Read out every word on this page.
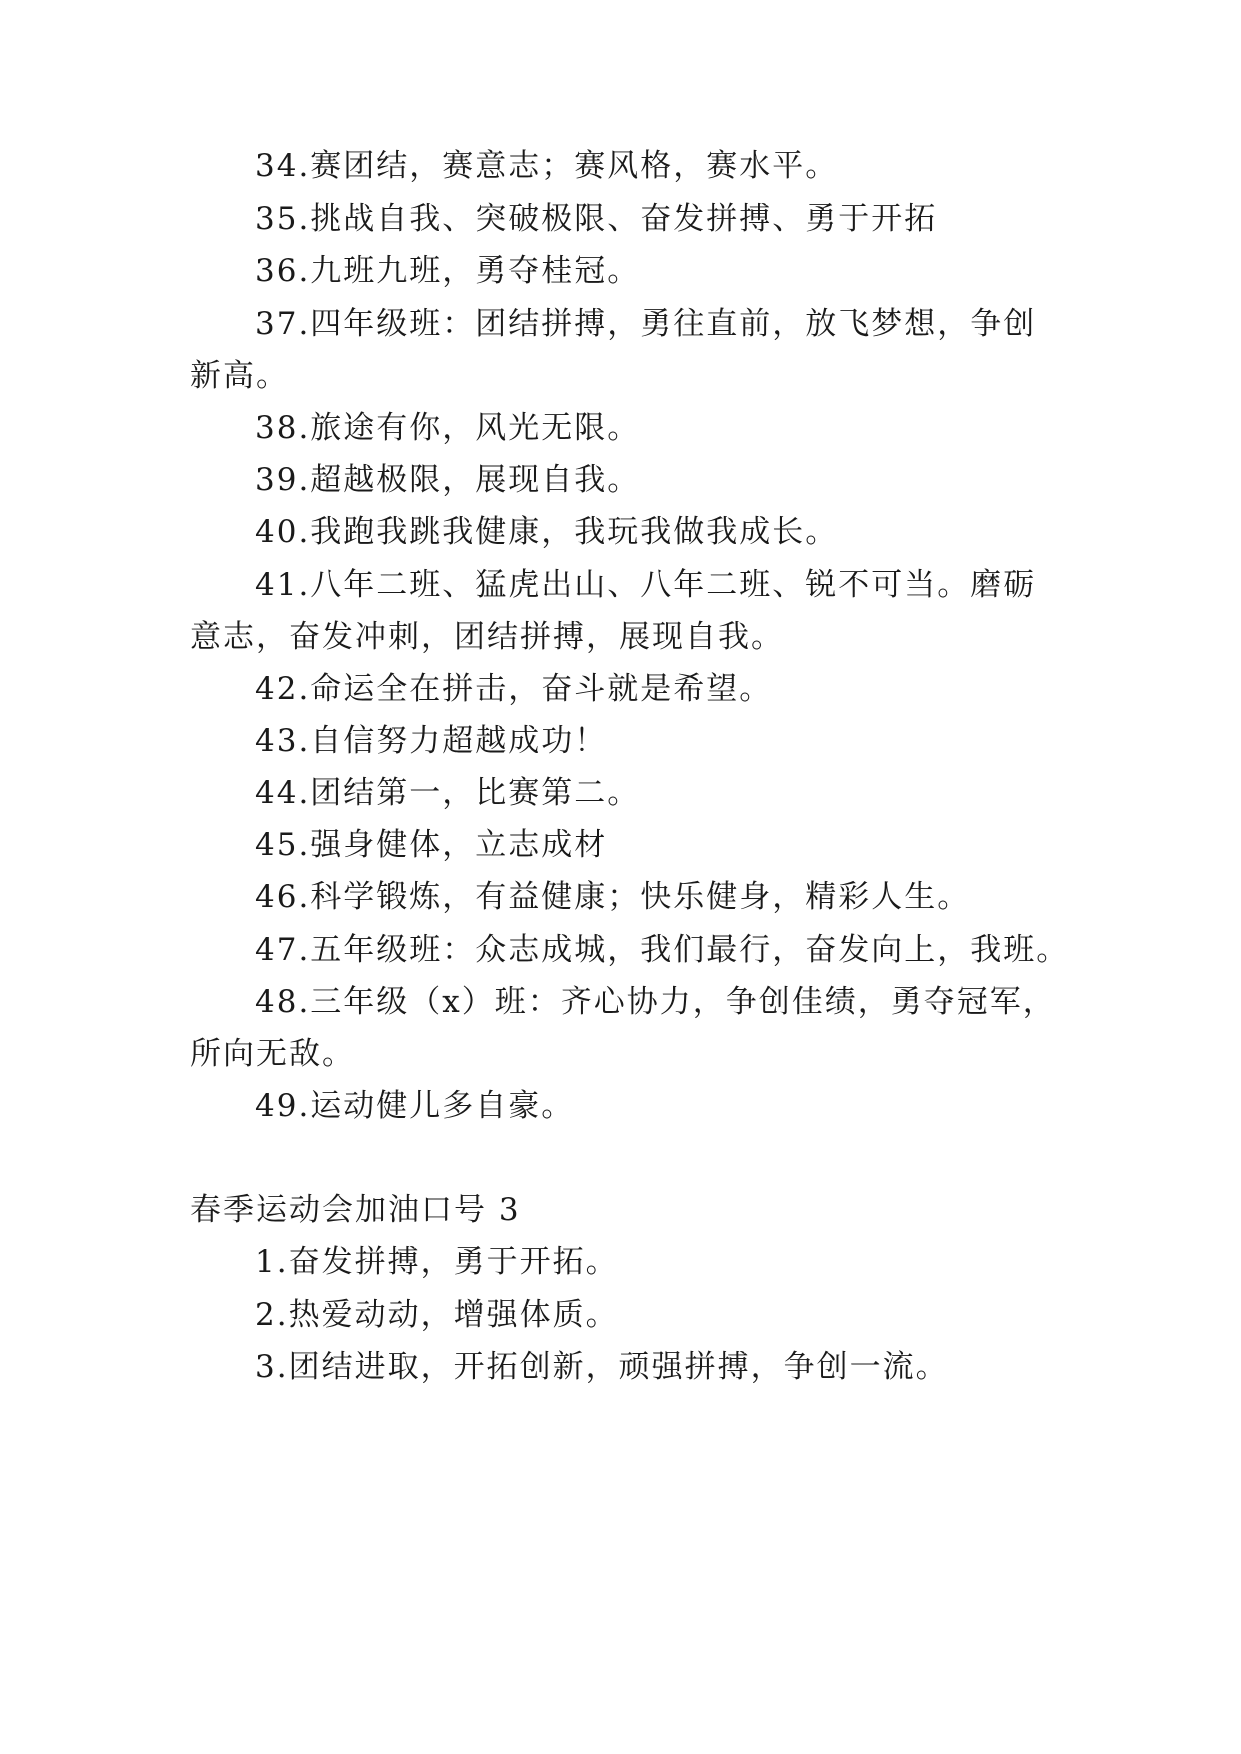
34.赛团结，赛意志；赛风格，赛水平。
35.挑战自我、突破极限、奋发拼搏、勇于开拓
36.九班九班，勇夺桂冠。
37.四年级班：团结拼搏，勇往直前，放飞梦想，争创
新高。
38.旅途有你，风光无限。
39.超越极限，展现自我。
40.我跑我跳我健康，我玩我做我成长。
41.八年二班、猛虎出山、八年二班、锐不可当。磨砺
意志，奋发冲刺，团结拼搏，展现自我。
42.命运全在拼击，奋斗就是希望。
43.自信努力超越成功！
44.团结第一，比赛第二。
45.强身健体，立志成材
46.科学锻炼，有益健康；快乐健身，精彩人生。
47.五年级班：众志成城，我们最行，奋发向上，我班。
48.三年级（x）班：齐心协力，争创佳绩，勇夺冠军，
所向无敌。
49.运动健儿多自豪。
春季运动会加油口号 3
1.奋发拼搏，勇于开拓。
2.热爱动动，增强体质。
3.团结进取，开拓创新，顽强拼搏，争创一流。
